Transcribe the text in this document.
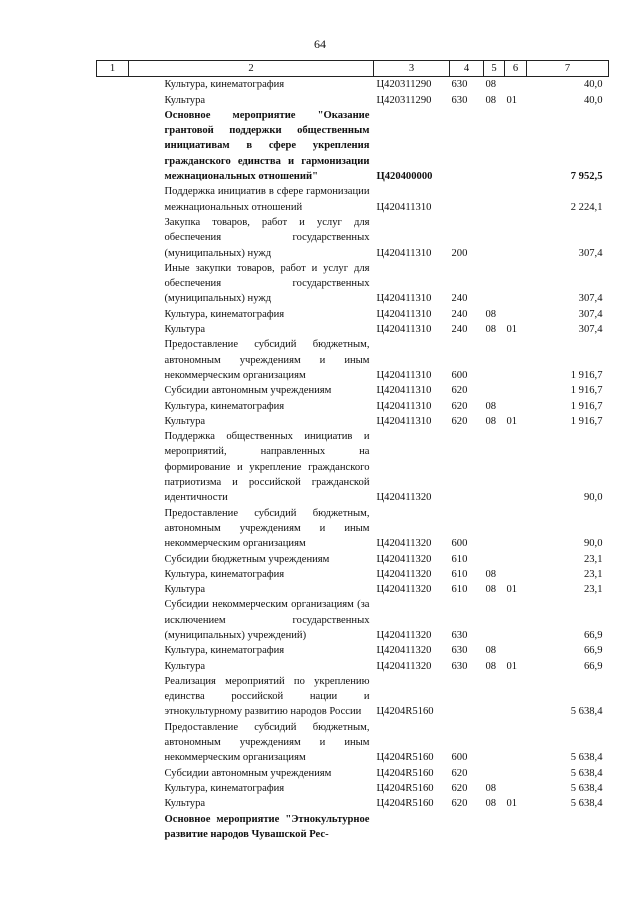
64
1	2	3	4	5	6	7
	Культура, кинематография	Ц420311290	630	08		40,0
	Культура	Ц420311290	630	08	01	40,0
	Основное мероприятие "Оказание грантовой поддержки общественным инициативам в сфере укрепления гражданского единства и гармонизации межнациональных отношений"	Ц420400000				7 952,5
	Поддержка инициатив в сфере гармонизации межнациональных отношений	Ц420411310				2 224,1
	Закупка товаров, работ и услуг для обеспечения государственных (муниципальных) нужд	Ц420411310	200			307,4
	Иные закупки товаров, работ и услуг для обеспечения государственных (муниципальных) нужд	Ц420411310	240			307,4
	Культура, кинематография	Ц420411310	240	08		307,4
	Культура	Ц420411310	240	08	01	307,4
	Предоставление субсидий бюджетным, автономным учреждениям и иным некоммерческим организациям	Ц420411310	600			1 916,7
	Субсидии автономным учреждениям	Ц420411310	620			1 916,7
	Культура, кинематография	Ц420411310	620	08		1 916,7
	Культура	Ц420411310	620	08	01	1 916,7
	Поддержка общественных инициатив и мероприятий, направленных на формирование и укрепление гражданского патриотизма и российской гражданской идентичности	Ц420411320				90,0
	Предоставление субсидий бюджетным, автономным учреждениям и иным некоммерческим организациям	Ц420411320	600			90,0
	Субсидии бюджетным учреждениям	Ц420411320	610			23,1
	Культура, кинематография	Ц420411320	610	08		23,1
	Культура	Ц420411320	610	08	01	23,1
	Субсидии некоммерческим организациям (за исключением государственных (муниципальных) учреждений)	Ц420411320	630			66,9
	Культура, кинематография	Ц420411320	630	08		66,9
	Культура	Ц420411320	630	08	01	66,9
	Реализация мероприятий по укреплению единства российской нации и этнокультурному развитию народов России	Ц4204R5160				5 638,4
	Предоставление субсидий бюджетным, автономным учреждениям и иным некоммерческим организациям	Ц4204R5160	600			5 638,4
	Субсидии автономным учреждениям	Ц4204R5160	620			5 638,4
	Культура, кинематография	Ц4204R5160	620	08		5 638,4
	Культура	Ц4204R5160	620	08	01	5 638,4
	Основное мероприятие "Этнокультурное развитие народов Чувашской Рес-					
